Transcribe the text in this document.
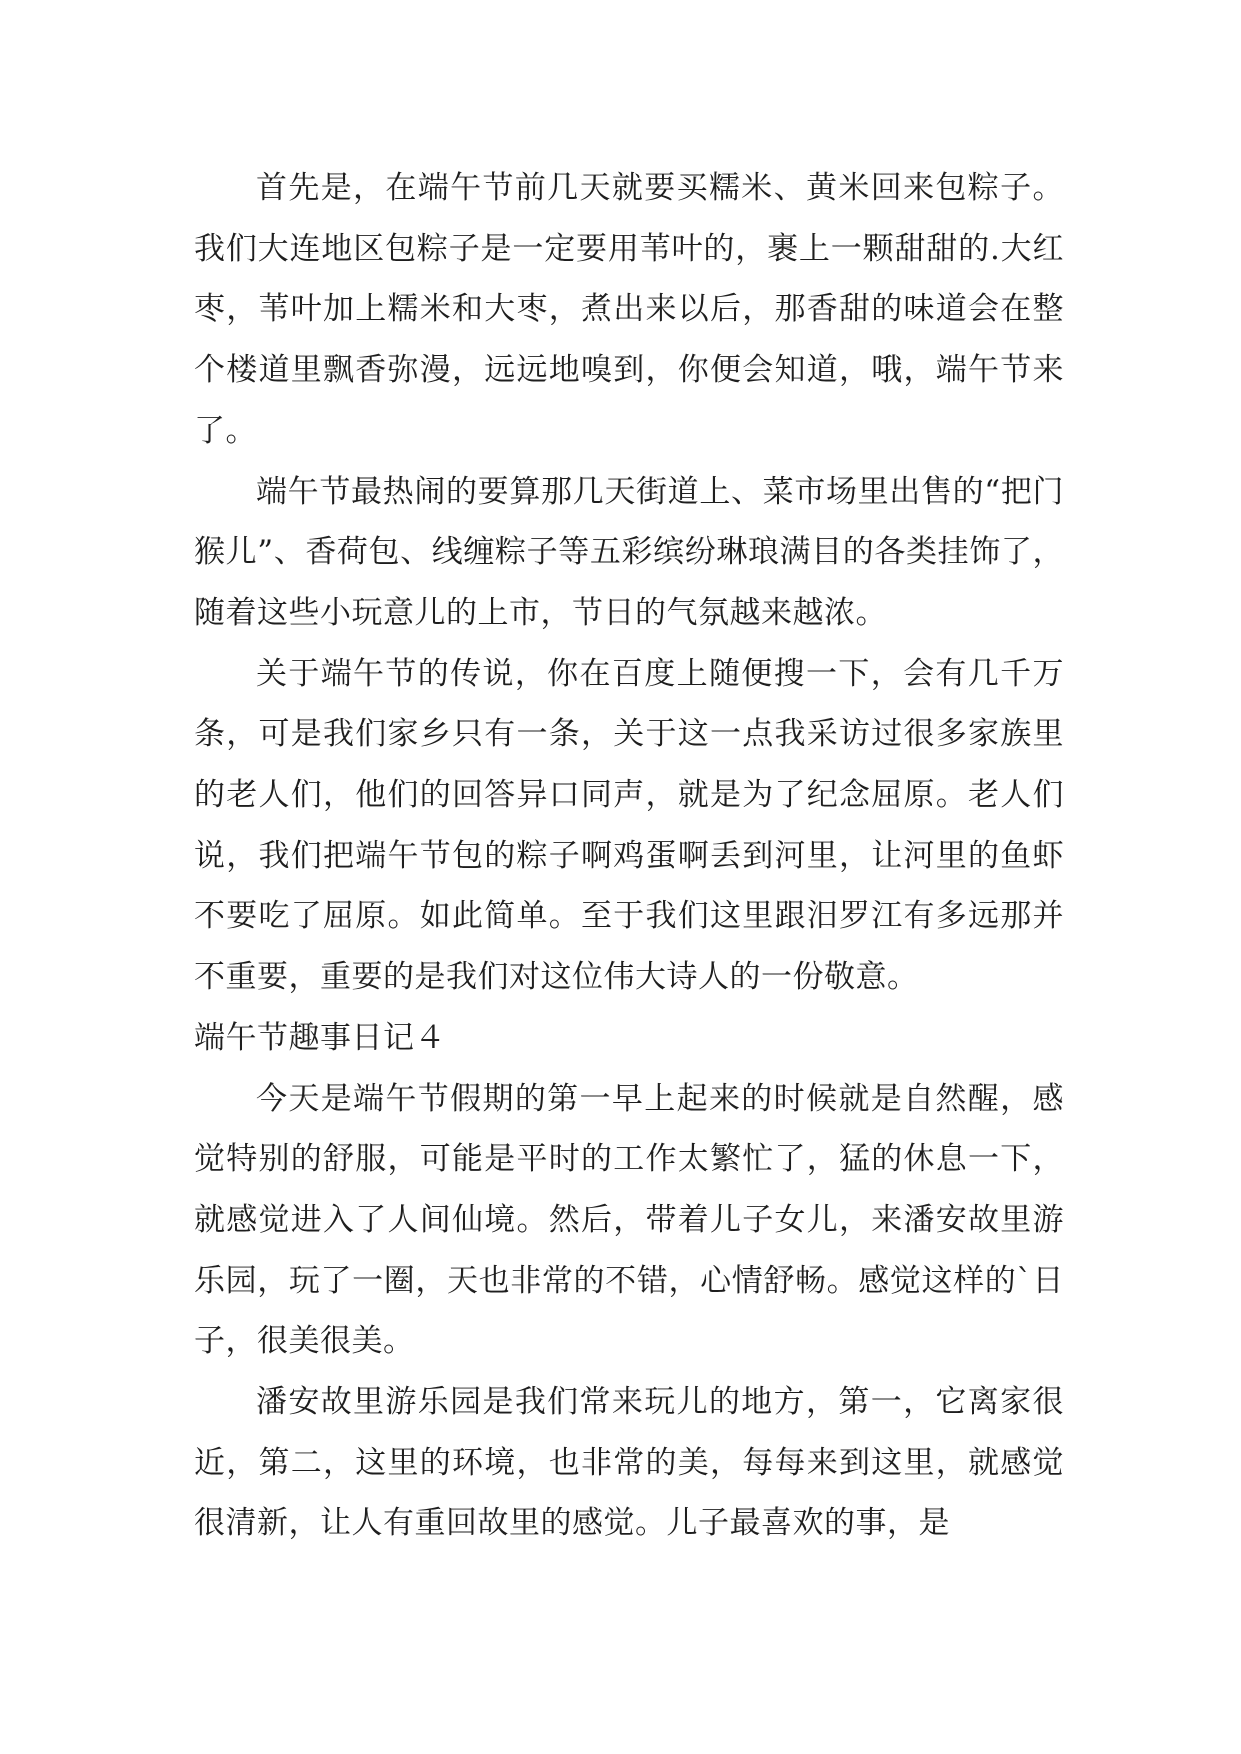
首先是，在端午节前几天就要买糯米、黄米回来包粽子。我们大连地区包粽子是一定要用苇叶的，裹上一颗甜甜的.大红枣，苇叶加上糯米和大枣，煮出来以后，那香甜的味道会在整个楼道里飘香弥漫，远远地嗅到，你便会知道，哦，端午节来了。

端午节最热闹的要算那几天街道上、菜市场里出售的“把门猴儿”、香荷包、线缠粽子等五彩缤纷琳琅满目的各类挂饰了，随着这些小玩意儿的上市，节日的气氛越来越浓。

关于端午节的传说，你在百度上随便搜一下，会有几千万条，可是我们家乡只有一条，关于这一点我采访过很多家族里的老人们，他们的回答异口同声，就是为了纪念屈原。老人们说，我们把端午节包的粽子啊鸡蛋啊丢到河里，让河里的鱼虾不要吃了屈原。如此简单。至于我们这里跟汨罗江有多远那并不重要，重要的是我们对这位伟大诗人的一份敬意。

端午节趣事日记４

今天是端午节假期的第一早上起来的时候就是自然醒，感觉特别的舒服，可能是平时的工作太繁忙了，猛的休息一下，就感觉进入了人间仙境。然后，带着儿子女儿，来潘安故里游乐园，玩了一圈，天也非常的不错，心情舒畅。感觉这样的`日子，很美很美。

潘安故里游乐园是我们常来玩儿的地方，第一，它离家很近，第二，这里的环境，也非常的美，每每来到这里，就感觉很清新，让人有重回故里的感觉。儿子最喜欢的事，是
